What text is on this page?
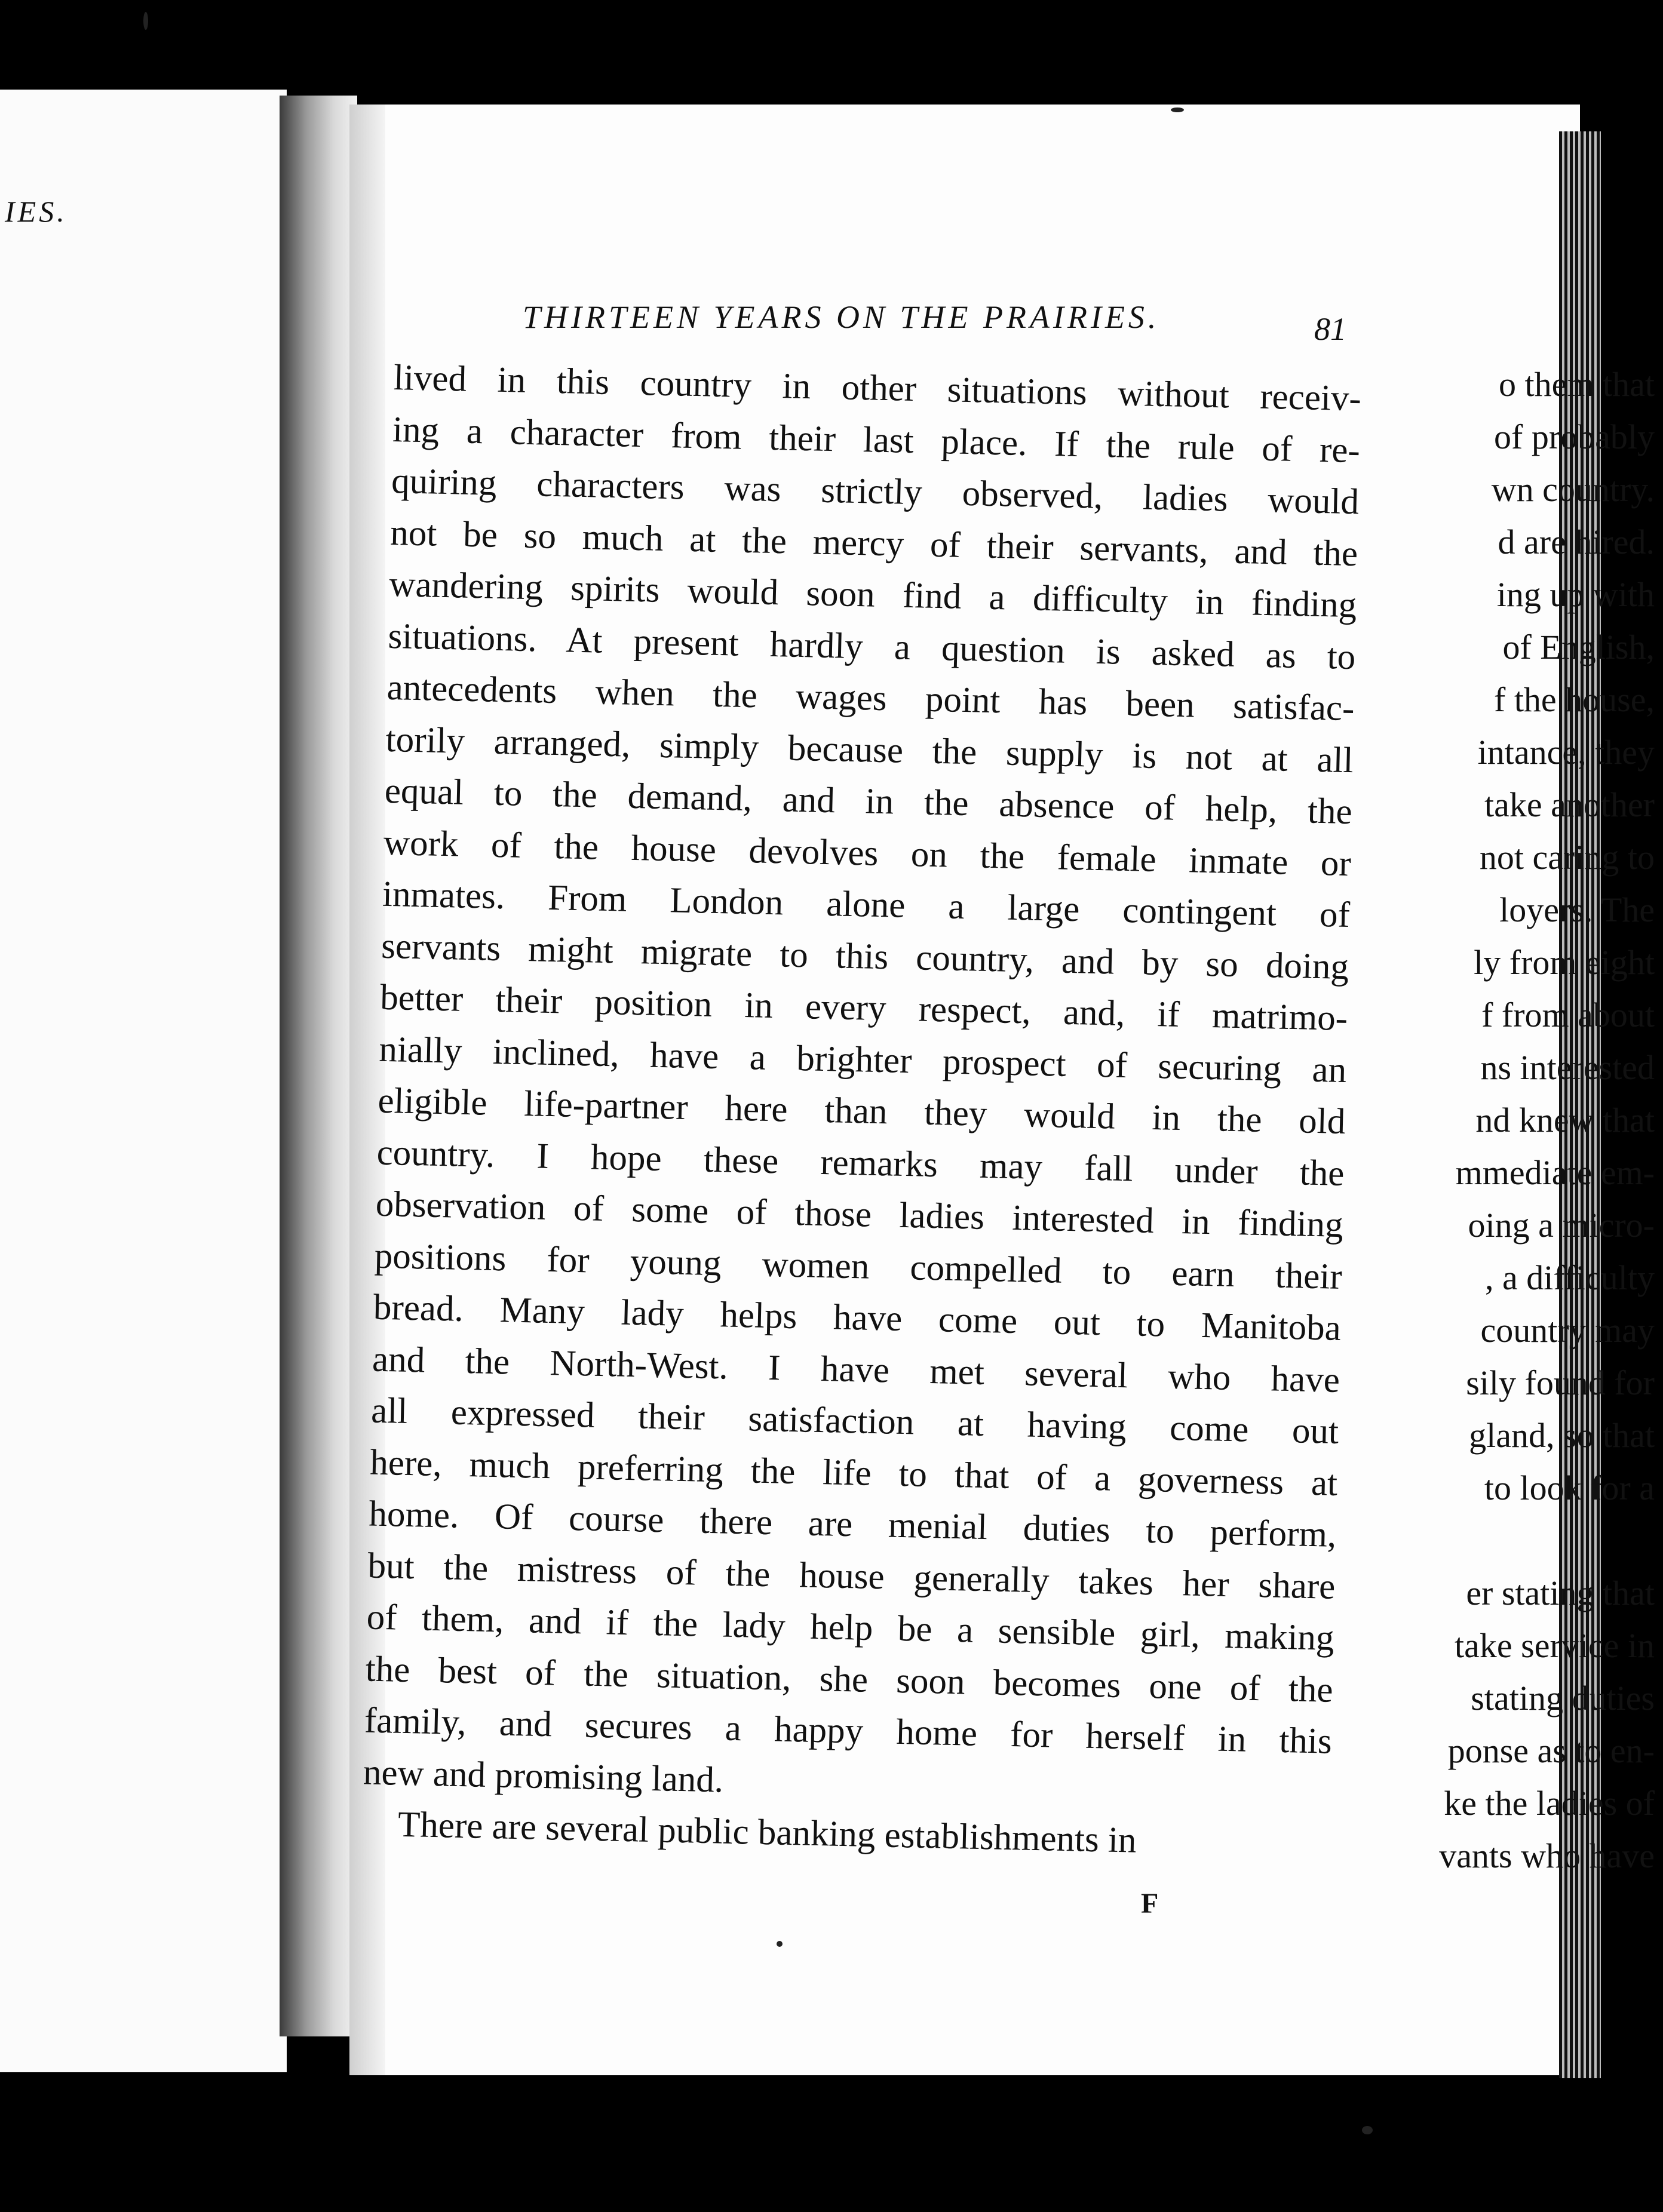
IES.
o them that
of probably
wn country.
d are hired.
ing up with
of English,
f the house,
intance, they
take another
not caring to
loyers. The
ly from eight
f from about
ns interested
nd knew that
mmediate em-
oing a micro-
, a difficulty
country may
sily found for
gland, so that
to look for a
er stating that
take service in
stating duties
ponse as to en-
ke the ladies of
vants who have
THIRTEEN YEARS ON THE PRAIRIES.	81
lived in this country in other situations without receiv-
ing a character from their last place. If the rule of re-
quiring characters was strictly observed, ladies would
not be so much at the mercy of their servants, and the
wandering spirits would soon find a difficulty in finding
situations. At present hardly a question is asked as to
antecedents when the wages point has been satisfac-
torily arranged, simply because the supply is not at all
equal to the demand, and in the absence of help, the
work of the house devolves on the female inmate or
inmates. From London alone a large contingent of
servants might migrate to this country, and by so doing
better their position in every respect, and, if matrimo-
nially inclined, have a brighter prospect of securing an
eligible life-partner here than they would in the old
country. I hope these remarks may fall under the
observation of some of those ladies interested in finding
positions for young women compelled to earn their
bread. Many lady helps have come out to Manitoba
and the North-West. I have met several who have
all expressed their satisfaction at having come out
here, much preferring the life to that of a governess at
home. Of course there are menial duties to perform,
but the mistress of the house generally takes her share
of them, and if the lady help be a sensible girl, making
the best of the situation, she soon becomes one of the
family, and secures a happy home for herself in this
new and promising land.
There are several public banking establishments in
F
